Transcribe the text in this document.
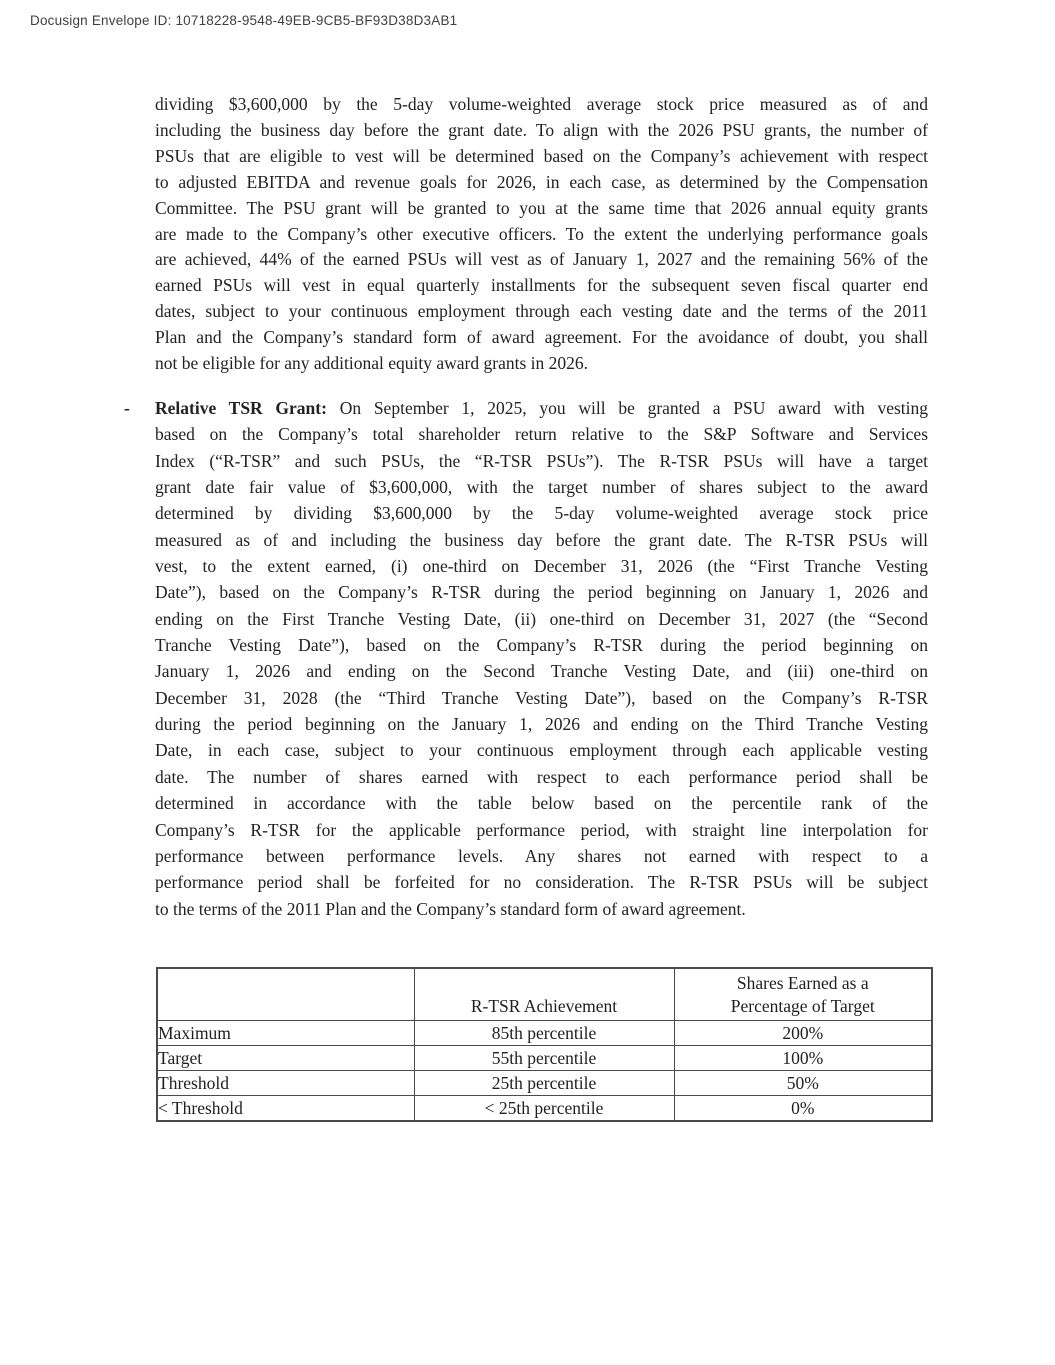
Docusign Envelope ID: 10718228-9548-49EB-9CB5-BF93D38D3AB1
dividing $3,600,000 by the 5-day volume-weighted average stock price measured as of and
including the business day before the grant date. To align with the 2026 PSU grants, the number of
PSUs that are eligible to vest will be determined based on the Company’s achievement with respect
to adjusted EBITDA and revenue goals for 2026, in each case, as determined by the Compensation
Committee. The PSU grant will be granted to you at the same time that 2026 annual equity grants
are made to the Company’s other executive officers. To the extent the underlying performance goals
are achieved, 44% of the earned PSUs will vest as of January 1, 2027 and the remaining 56% of the
earned PSUs will vest in equal quarterly installments for the subsequent seven fiscal quarter end
dates, subject to your continuous employment through each vesting date and the terms of the 2011
Plan and the Company’s standard form of award agreement. For the avoidance of doubt, you shall
not be eligible for any additional equity award grants in 2026.
- Relative TSR Grant: On September 1, 2025, you will be granted a PSU award with vesting
based on the Company’s total shareholder return relative to the S&P Software and Services
Index (“R-TSR” and such PSUs, the “R-TSR PSUs”). The R-TSR PSUs will have a target
grant date fair value of $3,600,000, with the target number of shares subject to the award
determined by dividing $3,600,000 by the 5-day volume-weighted average stock price
measured as of and including the business day before the grant date. The R-TSR PSUs will
vest, to the extent earned, (i) one-third on December 31, 2026 (the “First Tranche Vesting
Date”), based on the Company’s R-TSR during the period beginning on January 1, 2026 and
ending on the First Tranche Vesting Date, (ii) one-third on December 31, 2027 (the “Second
Tranche Vesting Date”), based on the Company’s R-TSR during the period beginning on
January 1, 2026 and ending on the Second Tranche Vesting Date, and (iii) one-third on
December 31, 2028 (the “Third Tranche Vesting Date”), based on the Company’s R-TSR
during the period beginning on the January 1, 2026 and ending on the Third Tranche Vesting
Date, in each case, subject to your continuous employment through each applicable vesting
date. The number of shares earned with respect to each performance period shall be
determined in accordance with the table below based on the percentile rank of the
Company’s R-TSR for the applicable performance period, with straight line interpolation for
performance between performance levels. Any shares not earned with respect to a
performance period shall be forfeited for no consideration. The R-TSR PSUs will be subject
to the terms of the 2011 Plan and the Company’s standard form of award agreement.
	R-TSR Achievement	Shares Earned as a
Percentage of Target

Maximum	85th percentile	200%
Target	55th percentile	100%
Threshold	25th percentile	50%
< Threshold	< 25th percentile	0%
